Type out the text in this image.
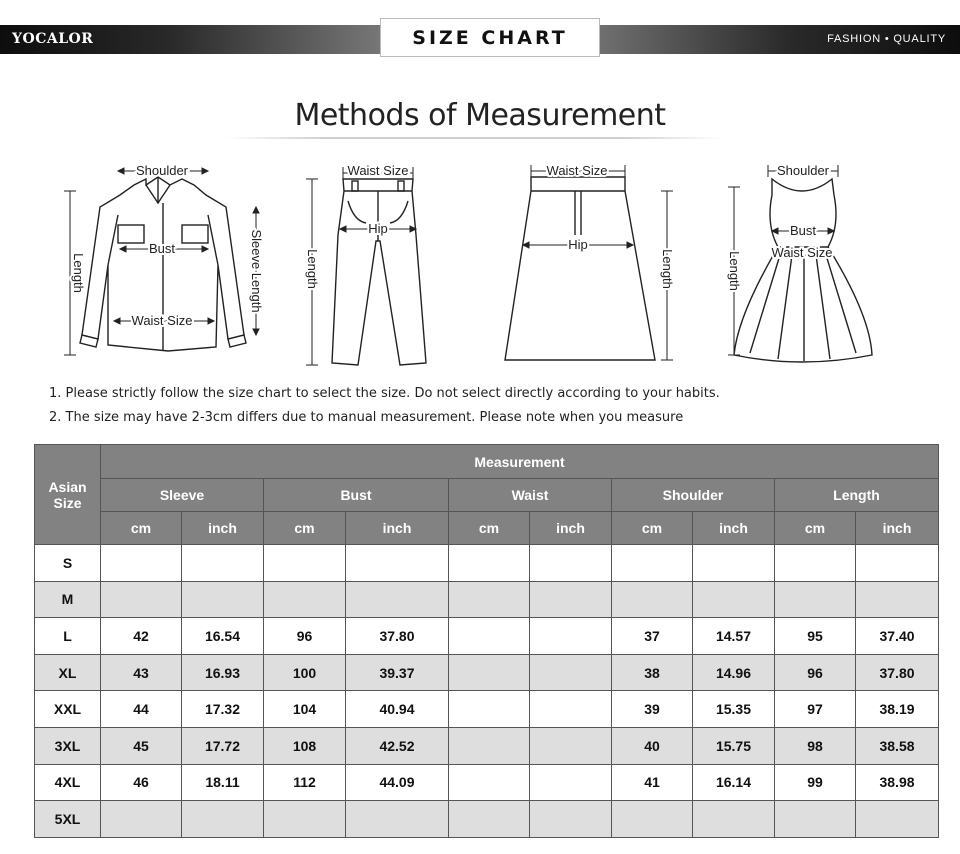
YOCALOR	FASHION • QUALITY
SIZE CHART
Methods of Measurement
Shoulder
Bust
Waist Size
Length	Sleeve Length
Waist Size
Hip
Length
Waist Size
Hip
Length
Shoulder
Bust
Waist Size
Length

1. Please strictly follow the size chart to select the size. Do not select directly according to your habits.

2. The size may have 2-3cm differs due to manual measurement. Please note when you measure

Asian Size	Measurement									
	Sleeve		Bust		Waist		Shoulder		Length	
	cm	inch	cm	inch	cm	inch	cm	inch	cm	inch
S										
M										
L	42	16.54	96	37.80			37	14.57	95	37.40
XL	43	16.93	100	39.37			38	14.96	96	37.80
XXL	44	17.32	104	40.94			39	15.35	97	38.19
3XL	45	17.72	108	42.52			40	15.75	98	38.58
4XL	46	18.11	112	44.09			41	16.14	99	38.98
5XL										
